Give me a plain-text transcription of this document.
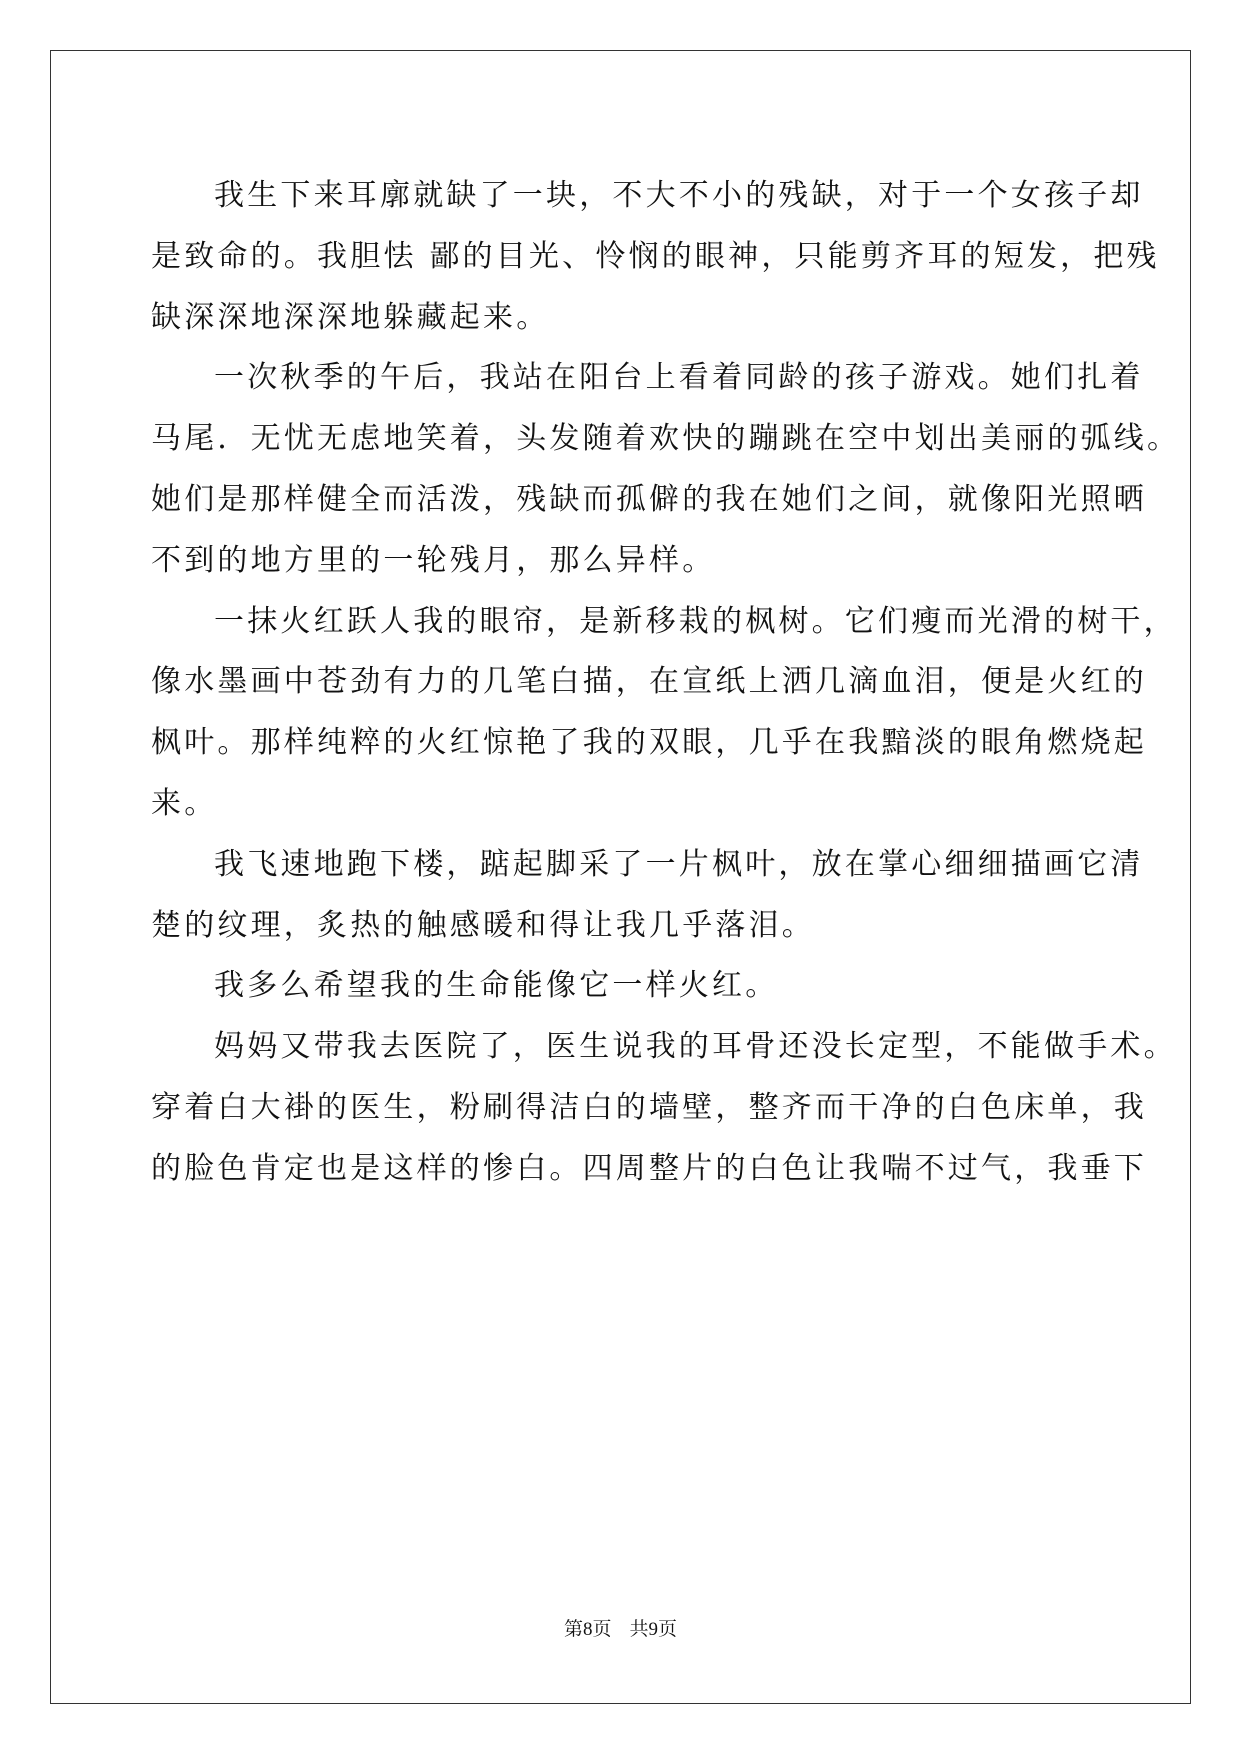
我生下来耳廓就缺了一块，不大不小的残缺，对于一个女孩子却
是致命的。我胆怯 鄙的目光、怜悯的眼神，只能剪齐耳的短发，把残
缺深深地深深地躲藏起来。
一次秋季的午后，我站在阳台上看着同龄的孩子游戏。她们扎着
马尾．无忧无虑地笑着，头发随着欢快的蹦跳在空中划出美丽的弧线。
她们是那样健全而活泼，残缺而孤僻的我在她们之间，就像阳光照晒
不到的地方里的一轮残月，那么异样。
一抹火红跃人我的眼帘，是新移栽的枫树。它们瘦而光滑的树干，
像水墨画中苍劲有力的几笔白描，在宣纸上洒几滴血泪，便是火红的
枫叶。那样纯粹的火红惊艳了我的双眼，几乎在我黯淡的眼角燃烧起
来。
我飞速地跑下楼，踮起脚采了一片枫叶，放在掌心细细描画它清
楚的纹理，炙热的触感暖和得让我几乎落泪。
我多么希望我的生命能像它一样火红。
妈妈又带我去医院了，医生说我的耳骨还没长定型，不能做手术。
穿着白大褂的医生，粉刷得洁白的墙壁，整齐而干净的白色床单，我
的脸色肯定也是这样的惨白。四周整片的白色让我喘不过气，我垂下
第8页 共9页
